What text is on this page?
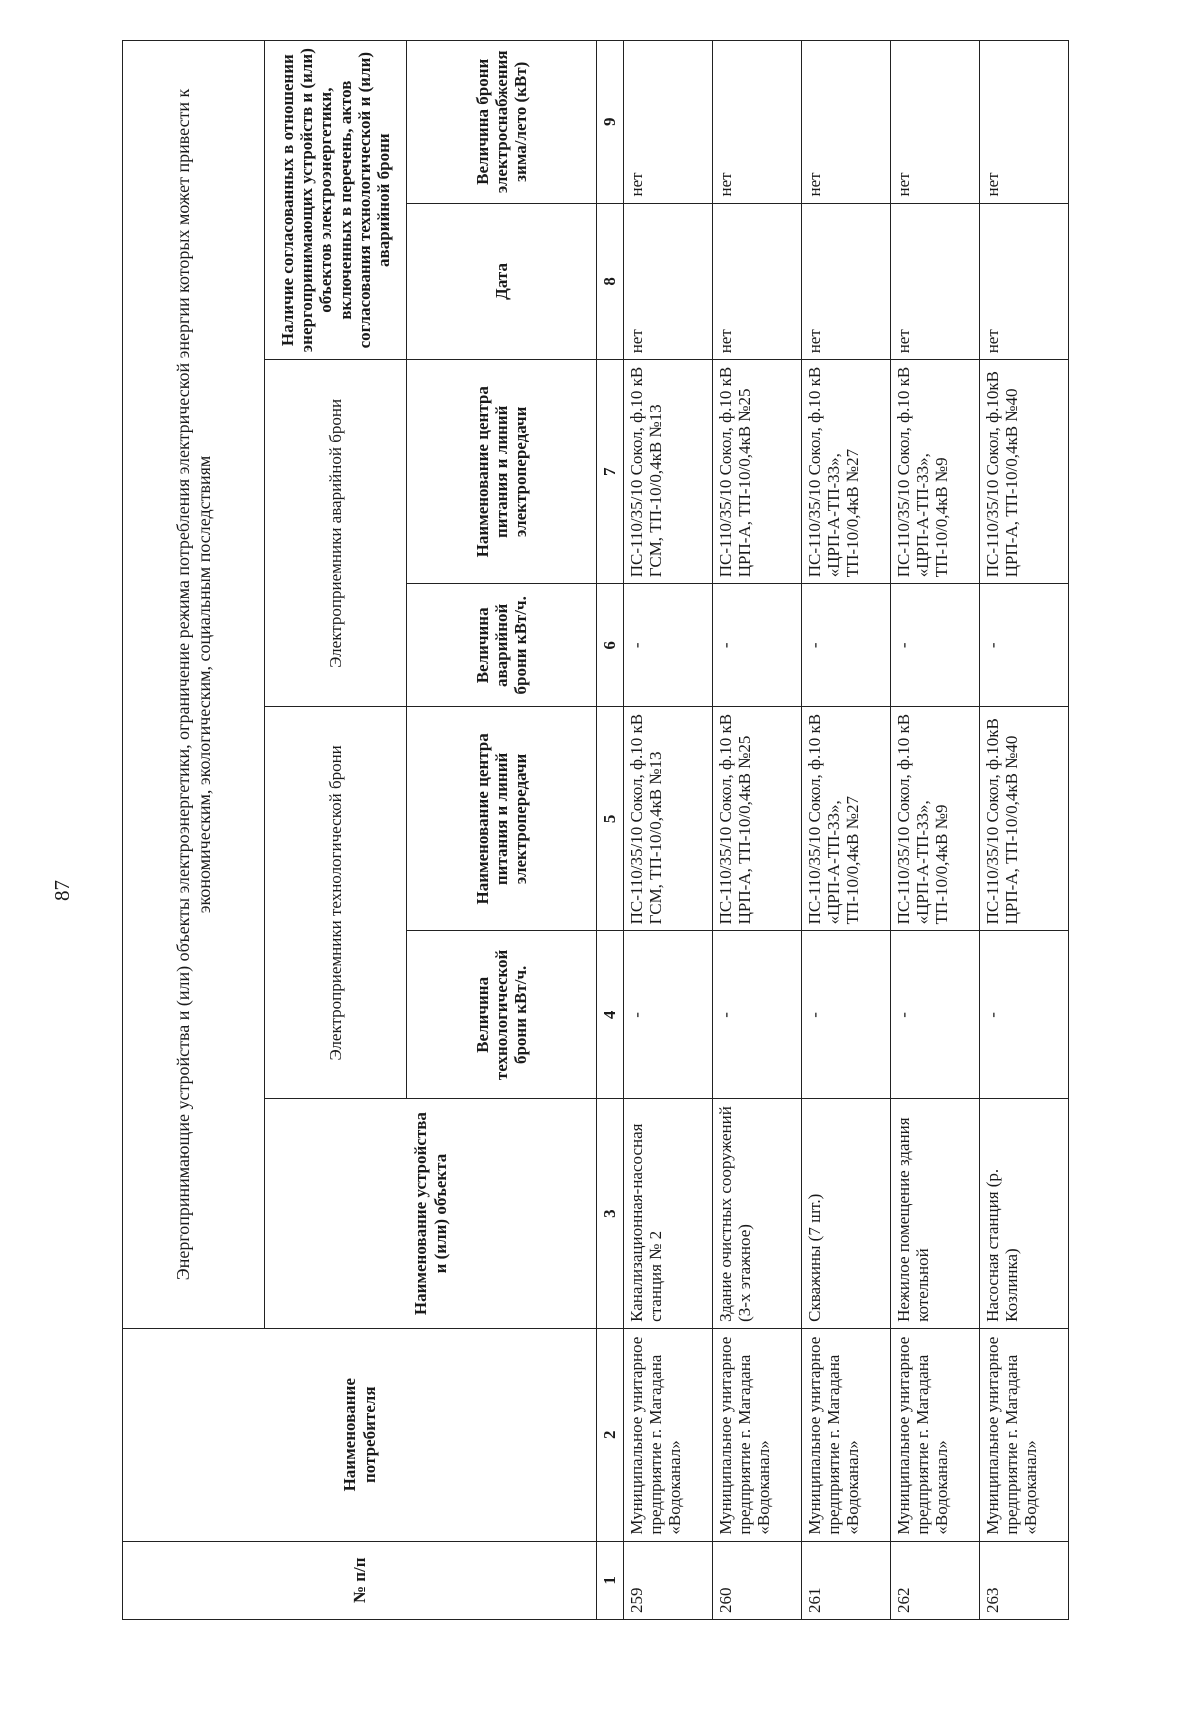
87
№ п/п	Наименование потребителя	Энергопринимающие устройства и (или) объекты электроэнергетики, ограничение режима потребления электрической энергии которых может привести к экономическим, экологическим, социальным последствиям						
		Наименование устройства и (или) объекта	Электроприемники технологической брони		Электроприемники аварийной брони		Наличие согласованных в отношении энергопринимающих устройств и (или) объектов электроэнергетики, включенных в перечень, актов согласования технологической и (или) аварийной брони	
			Величина технологической брони кВт/ч.	Наименование центра питания и линий электропередачи	Величина аварийной брони кВт/ч.	Наименование центра питания и линий электропередачи	Дата	Величина брони электроснабжения зима/лето (кВт)
1	2	3	4	5	6	7	8	9
259	Муниципальное унитарное предприятие г. Магадана «Водоканал»	Канализационная-насосная станция № 2	-	ПС-110/35/10 Сокол, ф.10 кВ ГСМ, ТП-10/0,4кВ №13	-	ПС-110/35/10 Сокол, ф.10 кВ ГСМ, ТП-10/0,4кВ №13	нет	нет
260	Муниципальное унитарное предприятие г. Магадана «Водоканал»	Здание очистных сооружений (3-х этажное)	-	ПС-110/35/10 Сокол, ф.10 кВ ЦРП-А, ТП-10/0,4кВ №25	-	ПС-110/35/10 Сокол, ф.10 кВ ЦРП-А, ТП-10/0,4кВ №25	нет	нет
261	Муниципальное унитарное предприятие г. Магадана «Водоканал»	Скважины (7 шт.)	-	ПС-110/35/10 Сокол, ф.10 кВ «ЦРП-А-ТП-33», ТП-10/0,4кВ №27	-	ПС-110/35/10 Сокол, ф.10 кВ «ЦРП-А-ТП-33», ТП-10/0,4кВ №27	нет	нет
262	Муниципальное унитарное предприятие г. Магадана «Водоканал»	Нежилое помещение здания котельной	-	ПС-110/35/10 Сокол, ф.10 кВ «ЦРП-А-ТП-33», ТП-10/0,4кВ №9	-	ПС-110/35/10 Сокол, ф.10 кВ «ЦРП-А-ТП-33», ТП-10/0,4кВ №9	нет	нет
263	Муниципальное унитарное предприятие г. Магадана «Водоканал»	Насосная станция (р. Козлинка)	-	ПС-110/35/10 Сокол, ф.10кВ ЦРП-А, ТП-10/0,4кВ №40	-	ПС-110/35/10 Сокол, ф.10кВ ЦРП-А, ТП-10/0,4кВ №40	нет	нет
